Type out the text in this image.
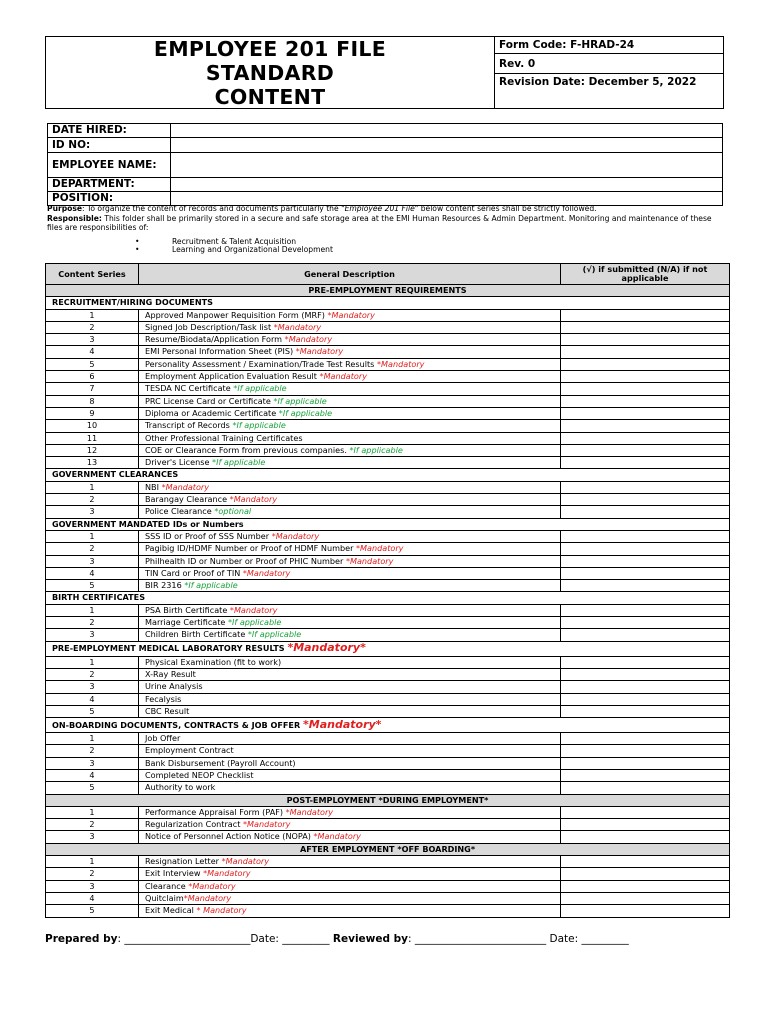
EMPLOYEE 201 FILE
STANDARD
CONTENT
Form Code: F-HRAD-24
Rev. 0
Revision Date: December 5, 2022
DATE HIRED:	
ID NO:	
EMPLOYEE NAME:	
DEPARTMENT:	
POSITION:	
Purpose: To organize the content of records and documents particularly the "Employee 201 File" below content series shall be strictly followed.
Responsible: This folder shall be primarily stored in a secure and safe storage area at the EMI Human Resources & Admin Department. Monitoring and maintenance of these files are responsibilities of:
• Recruitment & Talent Acquisition
• Learning and Organizational Development
Content Series	General Description	(√) if submitted (N/A) if not applicable
PRE-EMPLOYMENT REQUIREMENTS		
RECRUITMENT/HIRING DOCUMENTS		
1	Approved Manpower Requisition Form (MRF) *Mandatory	
2	Signed Job Description/Task list *Mandatory	
3	Resume/Biodata/Application Form *Mandatory	
4	EMI Personal Information Sheet (PIS) *Mandatory	
5	Personality Assessment / Examination/Trade Test Results *Mandatory	
6	Employment Application Evaluation Result *Mandatory	
7	TESDA NC Certificate *If applicable	
8	PRC License Card or Certificate *If applicable	
9	Diploma or Academic Certificate *If applicable	
10	Transcript of Records *If applicable	
11	Other Professional Training Certificates	
12	COE or Clearance Form from previous companies. *If applicable	
13	Driver's License *If applicable	
GOVERNMENT CLEARANCES		
1	NBI *Mandatory	
2	Barangay Clearance *Mandatory	
3	Police Clearance *optional	
GOVERNMENT MANDATED IDs or Numbers		
1	SSS ID or Proof of SSS Number *Mandatory	
2	Pagibig ID/HDMF Number or Proof of HDMF Number *Mandatory	
3	Philhealth ID or Number or Proof of PHIC Number *Mandatory	
4	TIN Card or Proof of TIN *Mandatory	
5	BIR 2316 *If applicable	
BIRTH CERTIFICATES		
1	PSA Birth Certificate *Mandatory	
2	Marriage Certificate *If applicable	
3	Children Birth Certificate *If applicable	
PRE-EMPLOYMENT MEDICAL LABORATORY RESULTS *Mandatory*		
1	Physical Examination (fit to work)	
2	X-Ray Result	
3	Urine Analysis	
4	Fecalysis	
5	CBC Result	
ON-BOARDING DOCUMENTS, CONTRACTS & JOB OFFER *Mandatory*		
1	Job Offer	
2	Employment Contract	
3	Bank Disbursement (Payroll Account)	
4	Completed NEOP Checklist	
5	Authority to work	
POST-EMPLOYMENT *DURING EMPLOYMENT*		
1	Performance Appraisal Form (PAF) *Mandatory	
2	Regularization Contract *Mandatory	
3	Notice of Personnel Action Notice (NOPA) *Mandatory	
AFTER EMPLOYMENT *OFF BOARDING*		
1	Resignation Letter *Mandatory	
2	Exit Interview *Mandatory	
3	Clearance *Mandatory	
4	Quitclaim*Mandatory	
5	Exit Medical * Mandatory	
Prepared by: ________________________Date: _________ Reviewed by: _________________________ Date: _________
